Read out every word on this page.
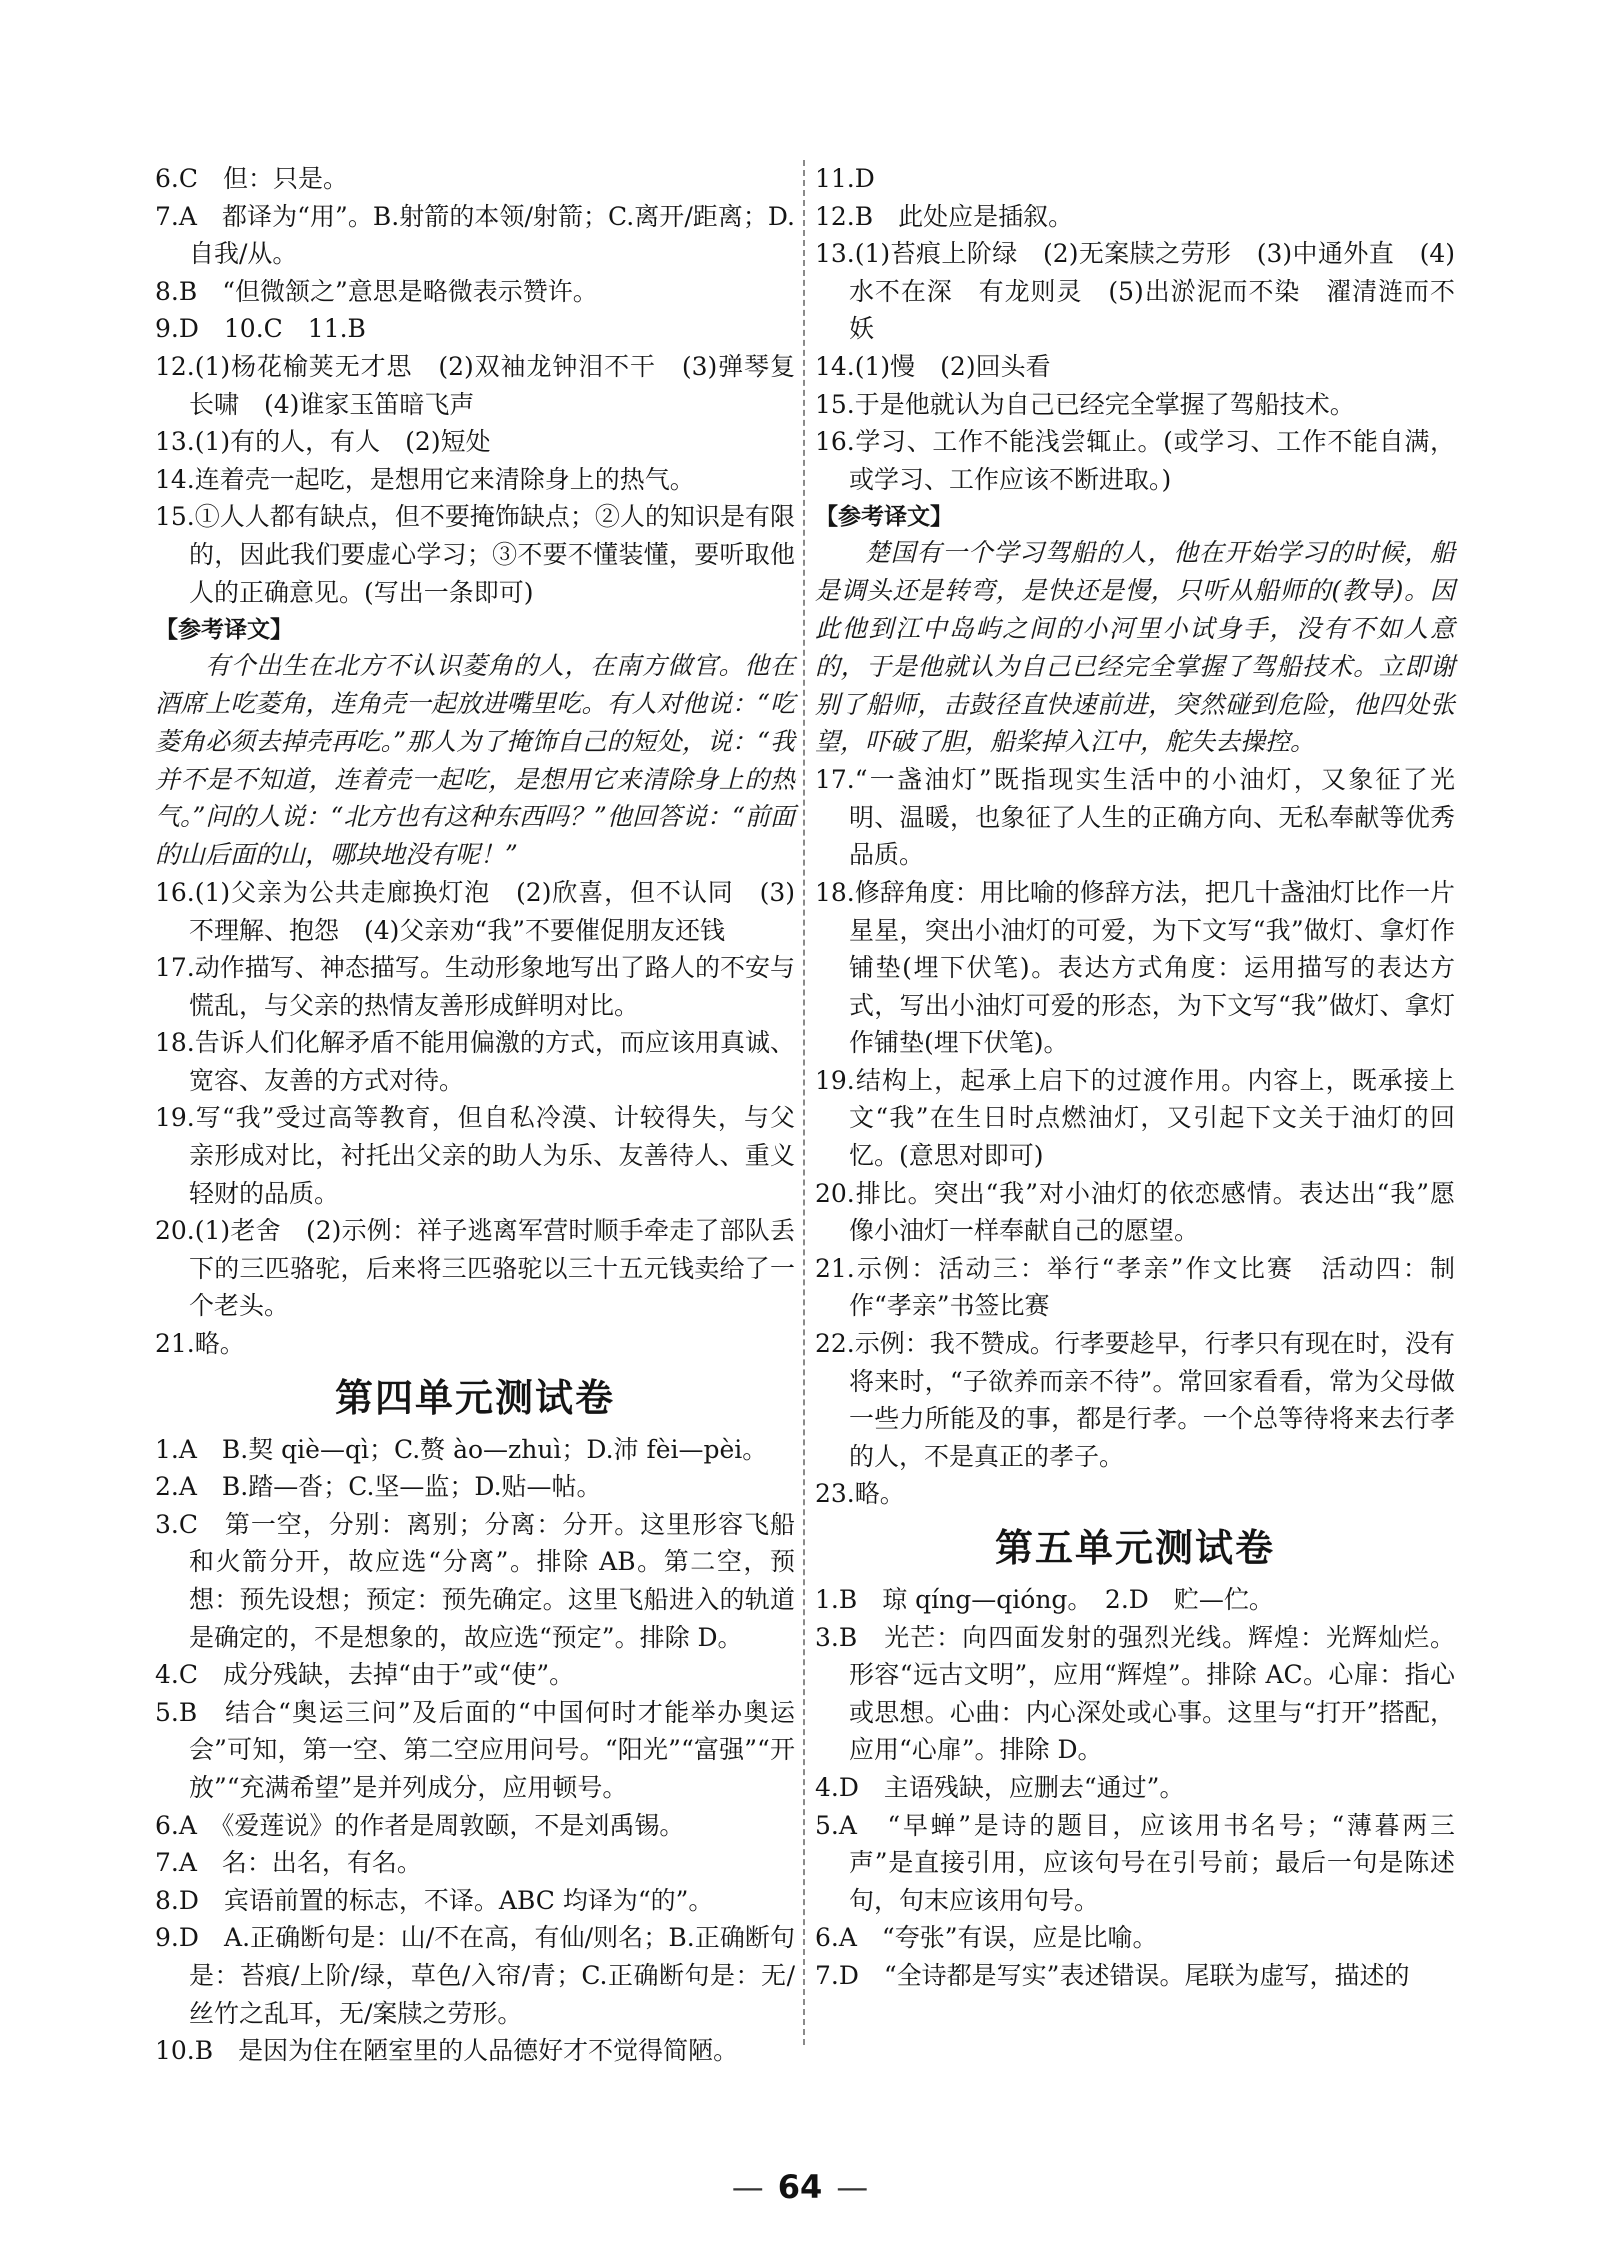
6.C　但：只是。
7.A　都译为“用”。B.射箭的本领/射箭；C.离开/距离；D.自我/从。
8.B　“但微颔之”意思是略微表示赞许。
9.D　10.C　11.B
12.(1)杨花榆荚无才思　(2)双袖龙钟泪不干　(3)弹琴复长啸　(4)谁家玉笛暗飞声
13.(1)有的人，有人　(2)短处
14.连着壳一起吃，是想用它来清除身上的热气。
15.①人人都有缺点，但不要掩饰缺点；②人的知识是有限的，因此我们要虚心学习；③不要不懂装懂，要听取他人的正确意见。(写出一条即可)
【参考译文】
有个出生在北方不认识菱角的人，在南方做官。他在酒席上吃菱角，连角壳一起放进嘴里吃。有人对他说：“吃菱角必须去掉壳再吃。”那人为了掩饰自己的短处，说：“我并不是不知道，连着壳一起吃，是想用它来清除身上的热气。”问的人说：“北方也有这种东西吗？”他回答说：“前面的山后面的山，哪块地没有呢！”
16.(1)父亲为公共走廊换灯泡　(2)欣喜，但不认同　(3)不理解、抱怨　(4)父亲劝“我”不要催促朋友还钱
17.动作描写、神态描写。生动形象地写出了路人的不安与慌乱，与父亲的热情友善形成鲜明对比。
18.告诉人们化解矛盾不能用偏激的方式，而应该用真诚、宽容、友善的方式对待。
19.写“我”受过高等教育，但自私冷漠、计较得失，与父亲形成对比，衬托出父亲的助人为乐、友善待人、重义轻财的品质。
20.(1)老舍　(2)示例：祥子逃离军营时顺手牵走了部队丢下的三匹骆驼，后来将三匹骆驼以三十五元钱卖给了一个老头。
21.略。
第四单元测试卷
1.A　B.契 qiè—qì；C.赘 ào—zhuì；D.沛 fèi—pèi。
2.A　B.踏—沓；C.坚—监；D.贴—帖。
3.C　第一空，分别：离别；分离：分开。这里形容飞船和火箭分开，故应选“分离”。排除 AB。第二空，预想：预先设想；预定：预先确定。这里飞船进入的轨道是确定的，不是想象的，故应选“预定”。排除 D。
4.C　成分残缺，去掉“由于”或“使”。
5.B　结合“奥运三问”及后面的“中国何时才能举办奥运会”可知，第一空、第二空应用问号。“阳光”“富强”“开放”“充满希望”是并列成分，应用顿号。
6.A　《爱莲说》的作者是周敦颐，不是刘禹锡。
7.A　名：出名，有名。
8.D　宾语前置的标志，不译。ABC 均译为“的”。
9.D　A.正确断句是：山/不在高，有仙/则名；B.正确断句是：苔痕/上阶/绿，草色/入帘/青；C.正确断句是：无/丝竹之乱耳，无/案牍之劳形。
10.B　是因为住在陋室里的人品德好才不觉得简陋。
11.D
12.B　此处应是插叙。
13.(1)苔痕上阶绿　(2)无案牍之劳形　(3)中通外直　(4)水不在深　有龙则灵　(5)出淤泥而不染　濯清涟而不妖
14.(1)慢　(2)回头看
15.于是他就认为自己已经完全掌握了驾船技术。
16.学习、工作不能浅尝辄止。(或学习、工作不能自满，或学习、工作应该不断进取。)
【参考译文】
楚国有一个学习驾船的人，他在开始学习的时候，船是调头还是转弯，是快还是慢，只听从船师的(教导)。因此他到江中岛屿之间的小河里小试身手，没有不如人意的，于是他就认为自己已经完全掌握了驾船技术。立即谢别了船师，击鼓径直快速前进，突然碰到危险，他四处张望，吓破了胆，船桨掉入江中，舵失去操控。
17.“一盏油灯”既指现实生活中的小油灯，又象征了光明、温暖，也象征了人生的正确方向、无私奉献等优秀品质。
18.修辞角度：用比喻的修辞方法，把几十盏油灯比作一片星星，突出小油灯的可爱，为下文写“我”做灯、拿灯作铺垫(埋下伏笔)。表达方式角度：运用描写的表达方式，写出小油灯可爱的形态，为下文写“我”做灯、拿灯作铺垫(埋下伏笔)。
19.结构上，起承上启下的过渡作用。内容上，既承接上文“我”在生日时点燃油灯，又引起下文关于油灯的回忆。(意思对即可)
20.排比。突出“我”对小油灯的依恋感情。表达出“我”愿像小油灯一样奉献自己的愿望。
21.示例：活动三：举行“孝亲”作文比赛　活动四：制作“孝亲”书签比赛
22.示例：我不赞成。行孝要趁早，行孝只有现在时，没有将来时，“子欲养而亲不待”。常回家看看，常为父母做一些力所能及的事，都是行孝。一个总等待将来去行孝的人，不是真正的孝子。
23.略。
第五单元测试卷
1.B　琼 qíng—qióng。　2.D　贮—伫。
3.B　光芒：向四面发射的强烈光线。辉煌：光辉灿烂。形容“远古文明”，应用“辉煌”。排除 AC。心扉：指心或思想。心曲：内心深处或心事。这里与“打开”搭配，应用“心扉”。排除 D。
4.D　主语残缺，应删去“通过”。
5.A　“早蝉”是诗的题目，应该用书名号；“薄暮两三声”是直接引用，应该句号在引号前；最后一句是陈述句，句末应该用句号。
6.A　“夸张”有误，应是比喻。
7.D　“全诗都是写实”表述错误。尾联为虚写，描述的
— 64 —
